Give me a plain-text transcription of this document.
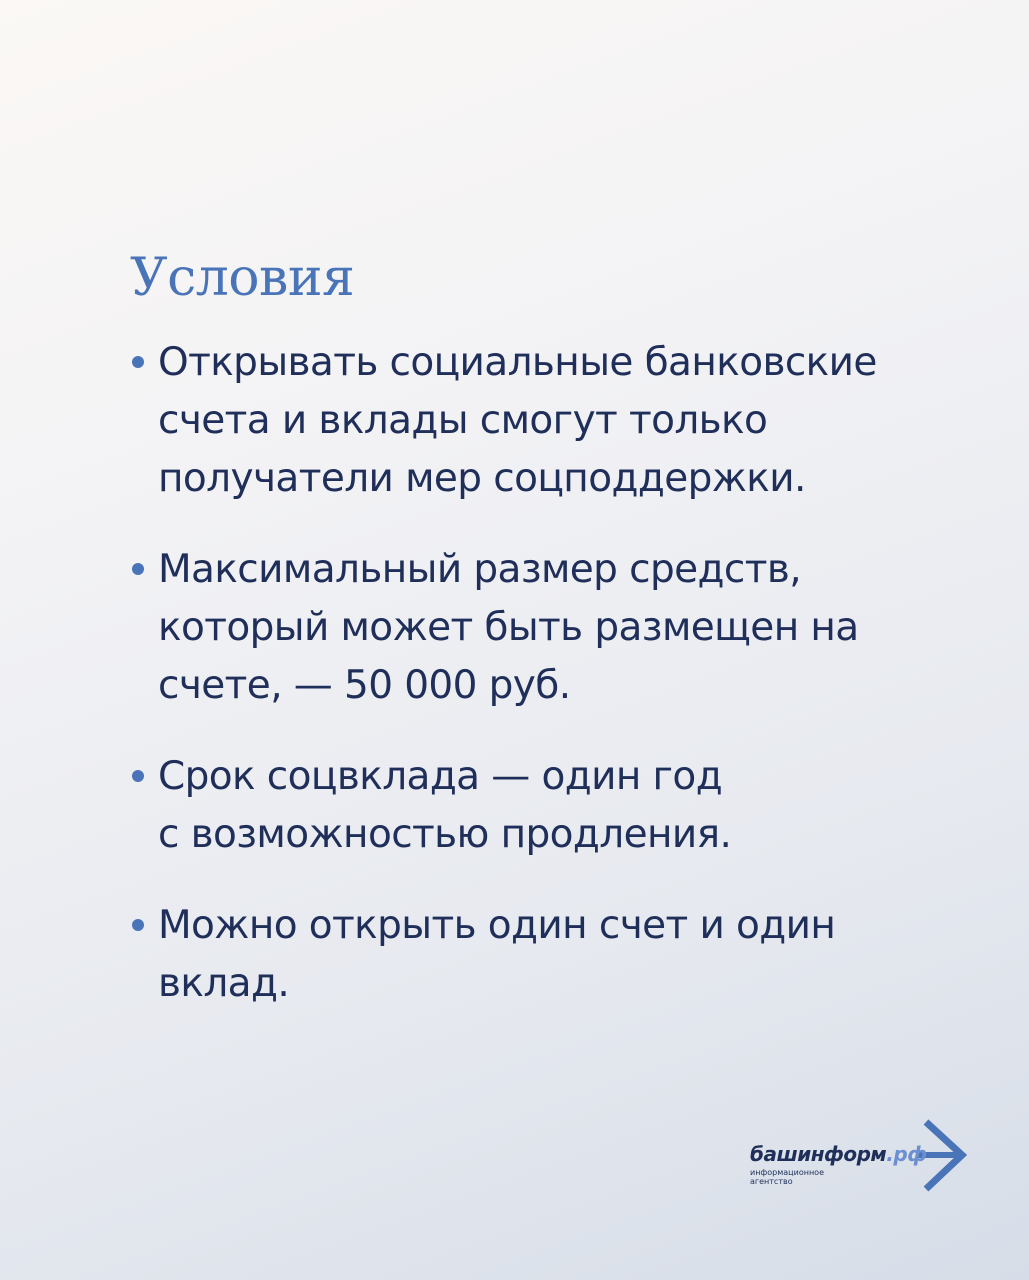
Условия
Открывать социальные банковские
счета и вклады смогут только
получатели мер соцподдержки.
Максимальный размер средств,
который может быть размещен на
счете, — 50 000 руб.
Срок соцвклада — один год
с возможностью продления.
Можно открыть один счет и один
вклад.
башинформ.рф
информационное
агентство
